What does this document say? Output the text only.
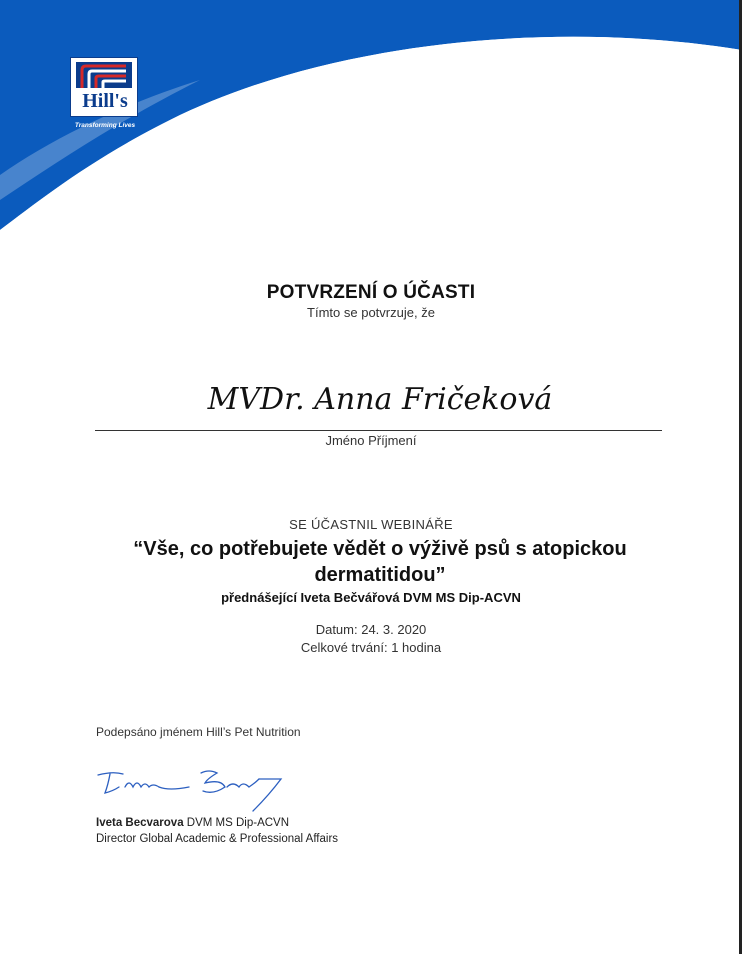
Hill's
Transforming Lives
POTVRZENÍ O ÚČASTI
Tímto se potvrzuje, že
MVDr. Anna Fričeková
Jméno Příjmení
SE ÚČASTNIL WEBINÁŘE
“Vše, co potřebujete vědět o výživě psů s atopickou dermatitidou”
přednášející Iveta Bečvářová DVM MS Dip-ACVN
Datum: 24. 3. 2020
Celkové trvání: 1 hodina
Podepsáno jménem Hill’s Pet Nutrition
Iveta Becvarova DVM MS Dip-ACVN
Director Global Academic & Professional Affairs
